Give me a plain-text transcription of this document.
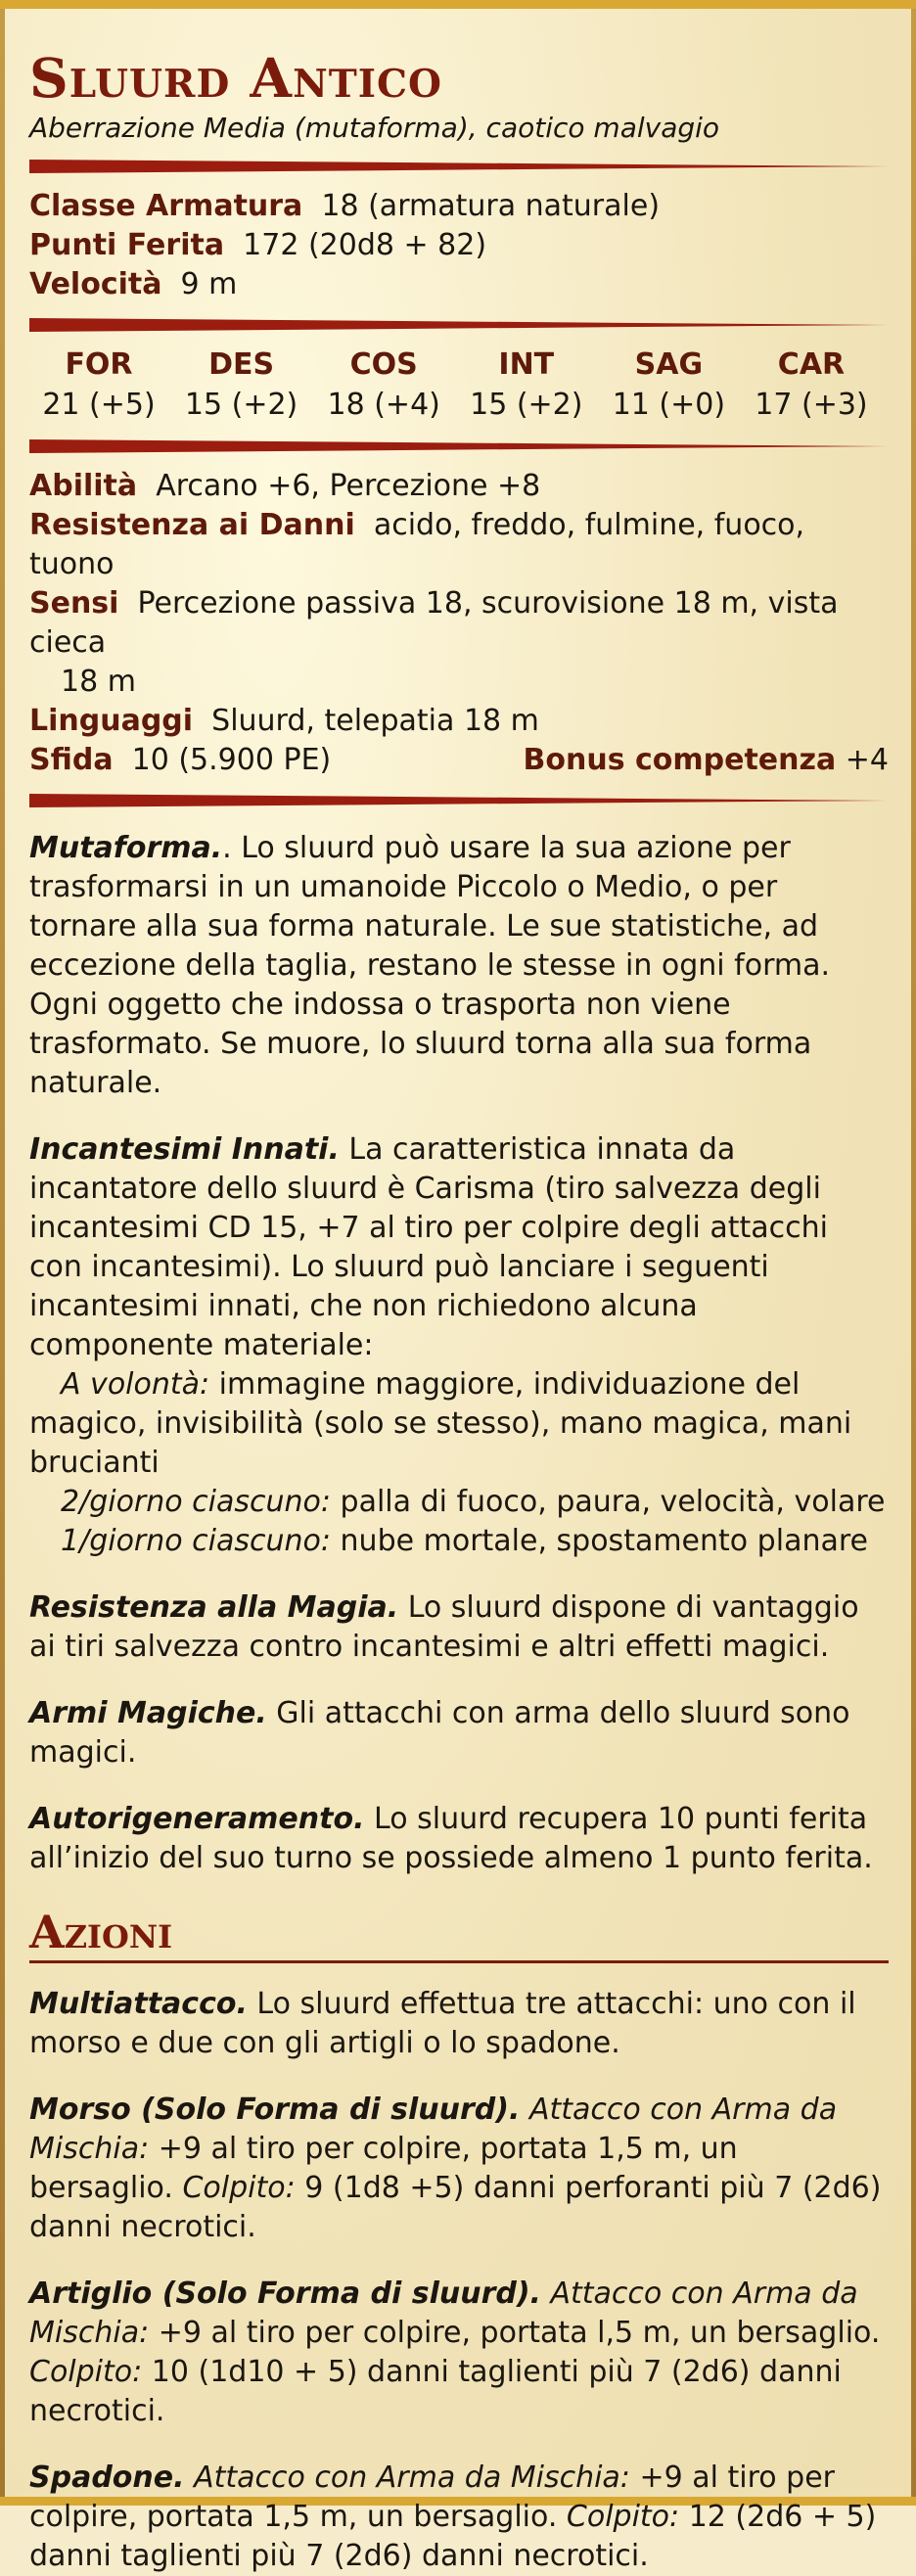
Sluurd Antico
Aberrazione Media (mutaforma), caotico malvagio
Classe Armatura 18 (armatura naturale)
Punti Ferita 172 (20d8 + 82)
Velocità 9 m
FOR
21 (+5)
DES
15 (+2)
COS
18 (+4)
INT
15 (+2)
SAG
11 (+0)
CAR
17 (+3)
Abilità Arcano +6, Percezione +8
Resistenza ai Danni acido, freddo, fulmine, fuoco, tuono
Sensi Percezione passiva 18, scurovisione 18 m, vista cieca
18 m
Linguaggi Sluurd, telepatia 18 m
Sfida 10 (5.900 PE)	Bonus competenza +4
Mutaforma.. Lo sluurd può usare la sua azione per trasformarsi in un umanoide Piccolo o Medio, o per tornare alla sua forma naturale. Le sue statistiche, ad eccezione della taglia, restano le stesse in ogni forma. Ogni oggetto che indossa o trasporta non viene trasformato. Se muore, lo sluurd torna alla sua forma naturale.
Incantesimi Innati. La caratteristica innata da incantatore dello sluurd è Carisma (tiro salvezza degli incantesimi CD 15, +7 al tiro per colpire degli attacchi con incantesimi). Lo sluurd può lanciare i seguenti incantesimi innati, che non richiedono alcuna componente materiale:
A volontà: immagine maggiore, individuazione del magico, invisibilità (solo se stesso), mano magica, mani brucianti
2/giorno ciascuno: palla di fuoco, paura, velocità, volare
1/giorno ciascuno: nube mortale, spostamento planare
Resistenza alla Magia. Lo sluurd dispone di vantaggio ai tiri salvezza contro incantesimi e altri effetti magici.
Armi Magiche. Gli attacchi con arma dello sluurd sono magici.
Autorigeneramento. Lo sluurd recupera 10 punti ferita all’inizio del suo turno se possiede almeno 1 punto ferita.
Azioni
Multiattacco. Lo sluurd effettua tre attacchi: uno con il morso e due con gli artigli o lo spadone.
Morso (Solo Forma di sluurd). Attacco con Arma da Mischia: +9 al tiro per colpire, portata 1,5 m, un bersaglio. Colpito: 9 (1d8 +5) danni perforanti più 7 (2d6) danni necrotici.
Artiglio (Solo Forma di sluurd). Attacco con Arma da Mischia: +9 al tiro per colpire, portata l,5 m, un bersaglio. Colpito: 10 (1d10 + 5) danni taglienti più 7 (2d6) danni necrotici.
Spadone. Attacco con Arma da Mischia: +9 al tiro per colpire, portata 1,5 m, un bersaglio. Colpito: 12 (2d6 + 5) danni taglienti più 7 (2d6) danni necrotici.
